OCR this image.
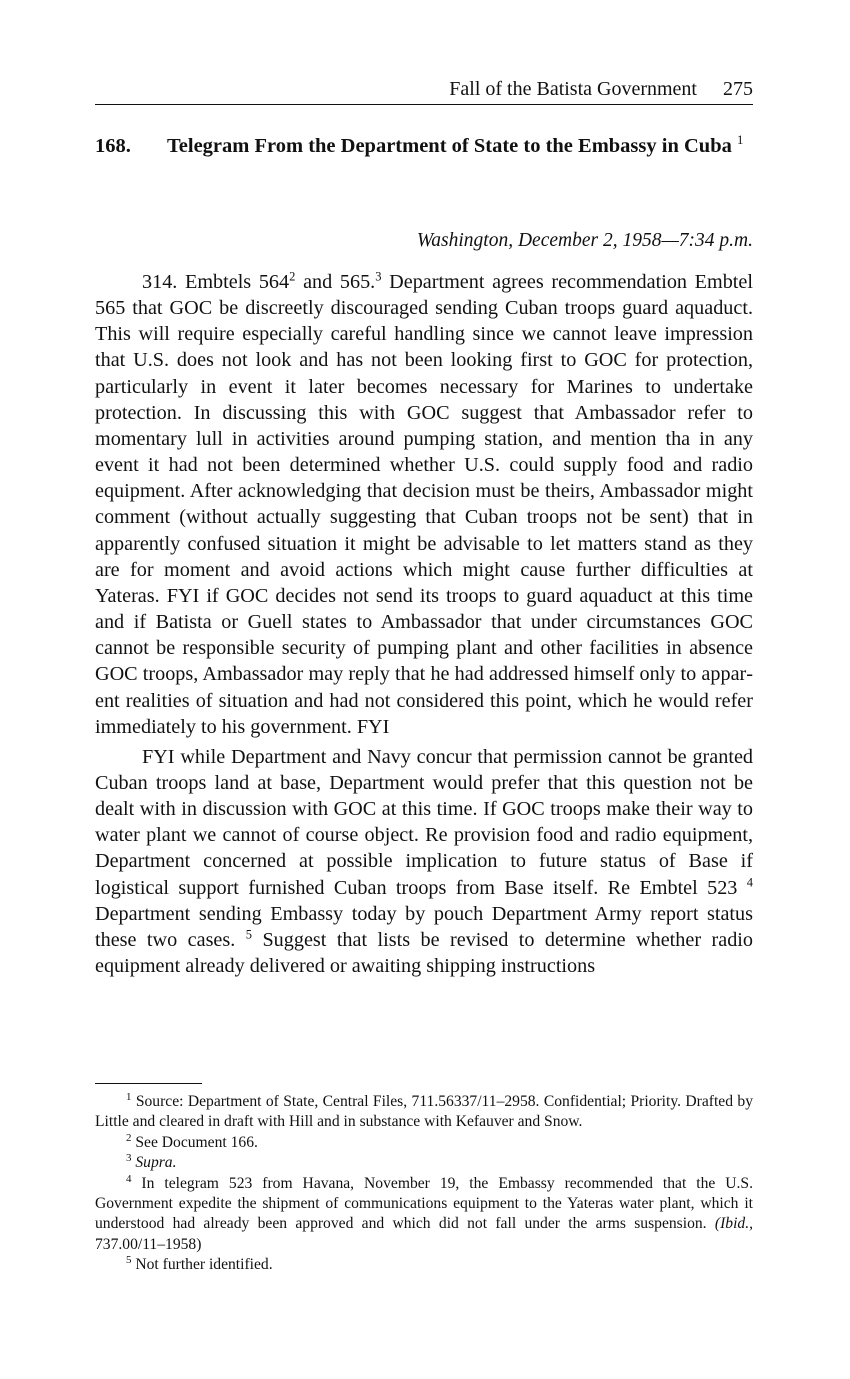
Fall of the Batista Government 275
168. Telegram From the Department of State to the Embassy in Cuba $^1$
Washington, December 2, 1958—7:34 p.m.

314. Embtels $564^2$ and 565.$^3$ Department agrees recommendation Embtel 565 that GOC be discreetly discouraged sending Cuban troops guard aquaduct. This will require especially careful handling since we cannot leave impression that U.S. does not look and has not been looking first to GOC for protection, particularly in event it later becomes necessary for Marines to undertake protection. In discussing this with GOC suggest that Ambassador refer to momentary lull in activities around pumping station, and mention tha in any event it had not been determined whether U.S. could supply food and radio equipment. After acknowledging that decision must be theirs, Ambassador might comment (without actually suggesting that Cuban troops not be sent) that in apparently confused situation it might be advisable to let matters stand as they are for moment and avoid actions which might cause further difficulties at Yateras. FYI if GOC decides not send its troops to guard aquaduct at this time and if Batista or Guell states to Ambassador that under circumstances GOC cannot be responsible security of pumping plant and other facilities in absence GOC troops, Ambassador may reply that he had addressed himself only to apparent realities of situation and had not considered this point, which he would refer immediately to his government. FYI

FYI while Department and Navy concur that permission cannot be granted Cuban troops land at base, Department would prefer that this question not be dealt with in discussion with GOC at this time. If GOC troops make their way to water plant we cannot of course object. Re provision food and radio equipment, Department concerned at possible implication to future status of Base if logistical support furnished Cuban troops from Base itself. Re Embtel 523 $^4$ Department sending Embassy today by pouch Department Army report status these two cases. $^5$ Suggest that lists be revised to determine whether radio equipment already delivered or awaiting shipping instructions

$^1$ Source: Department of State, Central Files, 711.56337/11–2958. Confidential; Priority. Drafted by Little and cleared in draft with Hill and in substance with Kefauver and Snow.

$^2$ See Document 166.

$^3$ Supra.

$^4$ In telegram 523 from Havana, November 19, the Embassy recommended that the U.S. Government expedite the shipment of communications equipment to the Yateras water plant, which it understood had already been approved and which did not fall under the arms suspension. (Ibid., 737.00/11–1958)

$^5$ Not further identified.
